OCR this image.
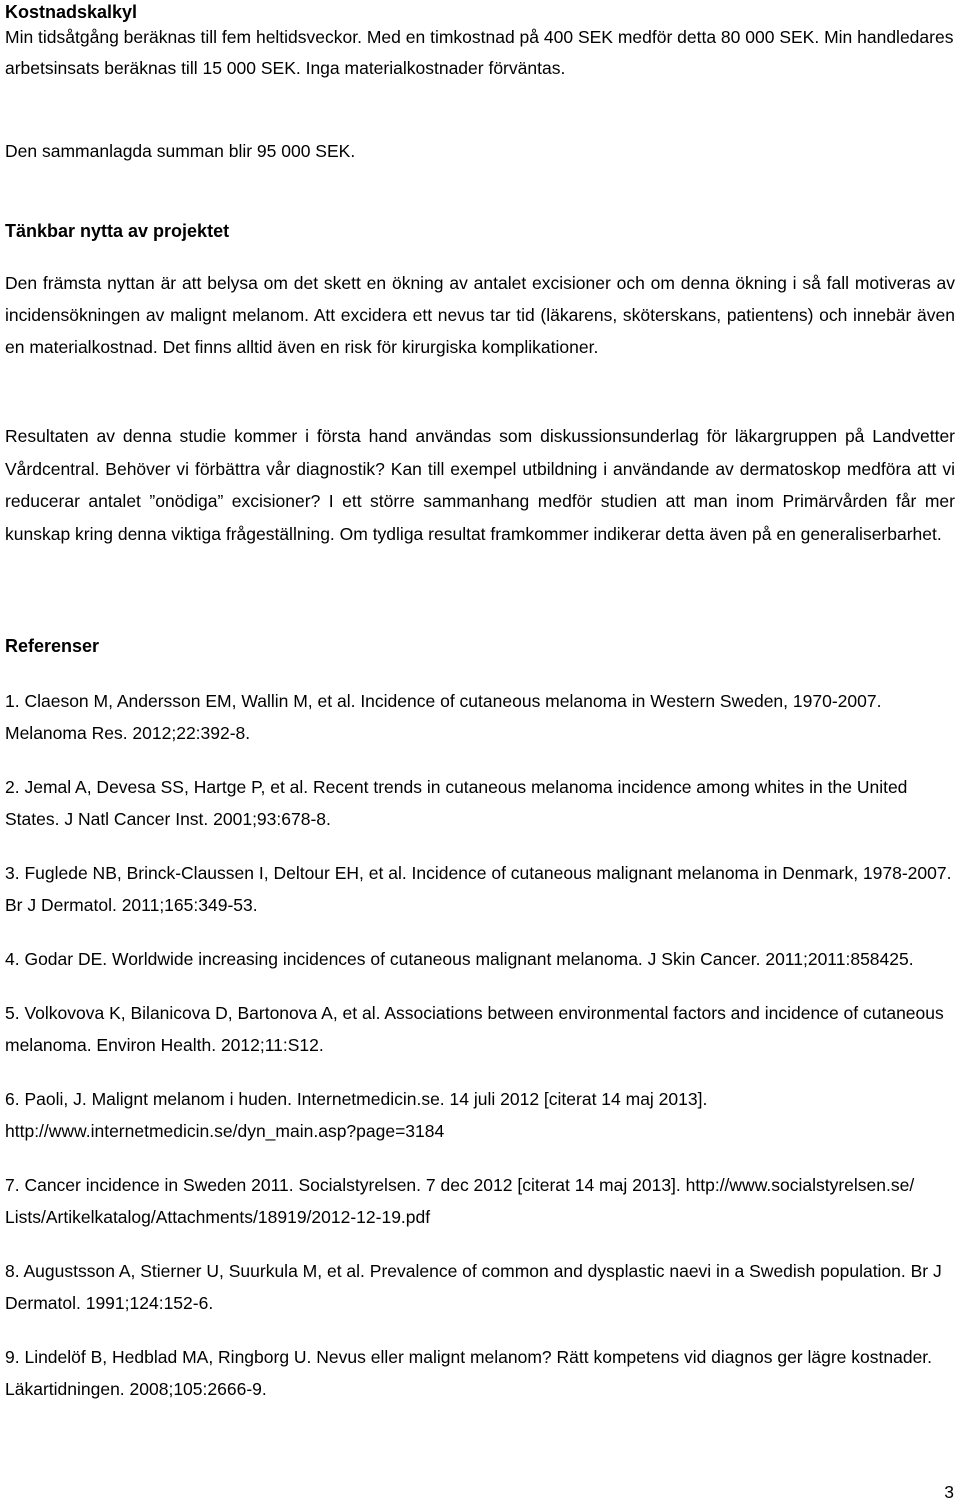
Kostnadskalkyl

Min tidsåtgång beräknas till fem heltidsveckor. Med en timkostnad på 400 SEK medför detta 80 000 SEK. Min handledares arbetsinsats beräknas till 15 000 SEK. Inga materialkostnader förväntas.

Den sammanlagda summan blir 95 000 SEK.

Tänkbar nytta av projektet

Den främsta nyttan är att belysa om det skett en ökning av antalet excisioner och om denna ökning i så fall motiveras av incidensökningen av malignt melanom. Att excidera ett nevus tar tid (läkarens, sköterskans, patientens) och innebär även en materialkostnad. Det finns alltid även en risk för kirurgiska komplikationer.

Resultaten av denna studie kommer i första hand användas som diskussionsunderlag för läkargruppen på Landvetter Vårdcentral. Behöver vi förbättra vår diagnostik? Kan till exempel utbildning i användande av dermatoskop medföra att vi reducerar antalet ”onödiga” excisioner? I ett större sammanhang medför studien att man inom Primärvården får mer kunskap kring denna viktiga frågeställning. Om tydliga resultat framkommer indikerar detta även på en generaliserbarhet.

Referenser

1. Claeson M, Andersson EM, Wallin M, et al. Incidence of cutaneous melanoma in Western Sweden, 1970-2007. Melanoma Res. 2012;22:392-8.

2. Jemal A, Devesa SS, Hartge P, et al. Recent trends in cutaneous melanoma incidence among whites in the United States. J Natl Cancer Inst. 2001;93:678-8.

3. Fuglede NB, Brinck-Claussen I, Deltour EH, et al. Incidence of cutaneous malignant melanoma in Denmark, 1978-2007. Br J Dermatol. 2011;165:349-53.

4. Godar DE. Worldwide increasing incidences of cutaneous malignant melanoma. J Skin Cancer. 2011;2011:858425.

5. Volkovova K, Bilanicova D, Bartonova A, et al. Associations between environmental factors and incidence of cutaneous melanoma. Environ Health. 2012;11:S12.

6. Paoli, J. Malignt melanom i huden. Internetmedicin.se. 14 juli 2012 [citerat 14 maj 2013]. http://www.internetmedicin.se/dyn_main.asp?page=3184

7. Cancer incidence in Sweden 2011. Socialstyrelsen. 7 dec 2012 [citerat 14 maj 2013]. http://www.socialstyrelsen.se/ Lists/Artikelkatalog/Attachments/18919/2012-12-19.pdf

8. Augustsson A, Stierner U, Suurkula M, et al. Prevalence of common and dysplastic naevi in a Swedish population. Br J Dermatol. 1991;124:152-6.

9. Lindelöf B, Hedblad MA, Ringborg U. Nevus eller malignt melanom? Rätt kompetens vid diagnos ger lägre kostnader. Läkartidningen. 2008;105:2666-9.

3
